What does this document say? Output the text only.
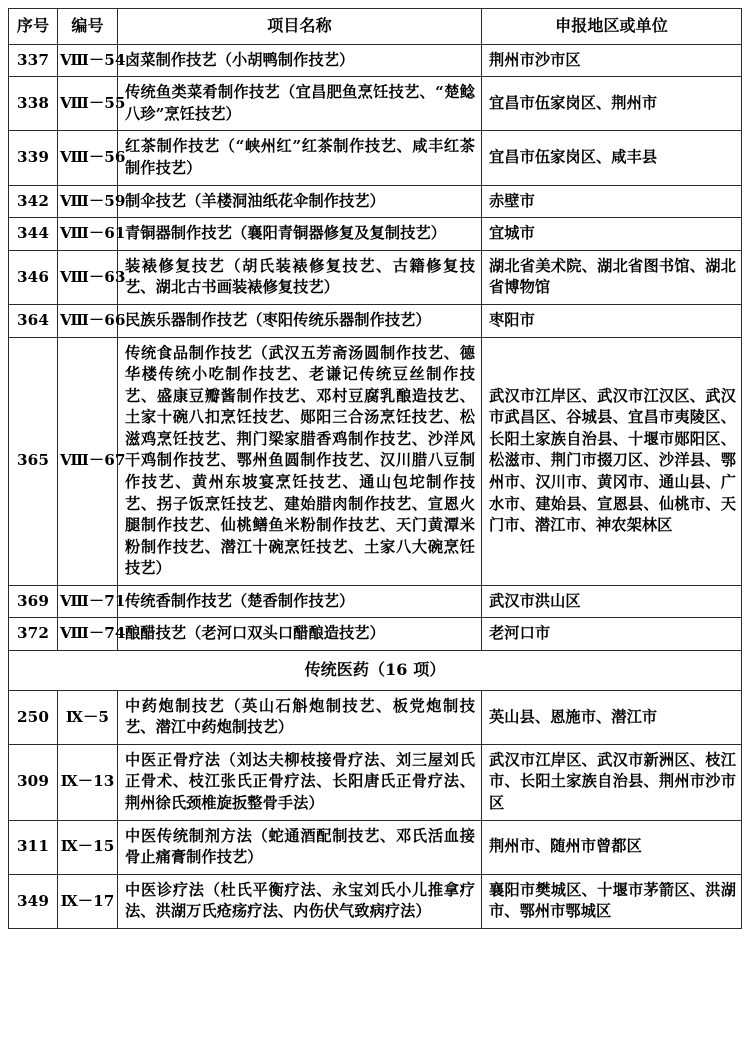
序号	编号	项目名称	申报地区或单位
337	Ⅷ－54	卤菜制作技艺（小胡鸭制作技艺）	荆州市沙市区
338	Ⅷ－55	传统鱼类菜肴制作技艺（宜昌肥鱼烹饪技艺、“楚鲶八珍”烹饪技艺）	宜昌市伍家岗区、荆州市
339	Ⅷ－56	红茶制作技艺（“峡州红”红茶制作技艺、咸丰红茶制作技艺）	宜昌市伍家岗区、咸丰县
342	Ⅷ－59	制伞技艺（羊楼洞油纸花伞制作技艺）	赤壁市
344	Ⅷ－61	青铜器制作技艺（襄阳青铜器修复及复制技艺）	宜城市
346	Ⅷ－63	装裱修复技艺（胡氏装裱修复技艺、古籍修复技艺、湖北古书画装裱修复技艺）	湖北省美术院、湖北省图书馆、湖北省博物馆
364	Ⅷ－66	民族乐器制作技艺（枣阳传统乐器制作技艺）	枣阳市
365	Ⅷ－67	传统食品制作技艺（武汉五芳斋汤圆制作技艺、德华楼传统小吃制作技艺、老谦记传统豆丝制作技艺、盛康豆瓣酱制作技艺、邓村豆腐乳酿造技艺、土家十碗八扣烹饪技艺、郧阳三合汤烹饪技艺、松滋鸡烹饪技艺、荆门梁家腊香鸡制作技艺、沙洋风干鸡制作技艺、鄂州鱼圆制作技艺、汉川腊八豆制作技艺、黄州东坡宴烹饪技艺、通山包坨制作技艺、拐子饭烹饪技艺、建始腊肉制作技艺、宣恩火腿制作技艺、仙桃鳝鱼米粉制作技艺、天门黄潭米粉制作技艺、潜江十碗烹饪技艺、土家八大碗烹饪技艺）	武汉市江岸区、武汉市江汉区、武汉市武昌区、谷城县、宜昌市夷陵区、长阳土家族自治县、十堰市郧阳区、松滋市、荆门市掇刀区、沙洋县、鄂州市、汉川市、黄冈市、通山县、广水市、建始县、宣恩县、仙桃市、天门市、潜江市、神农架林区
369	Ⅷ－71	传统香制作技艺（楚香制作技艺）	武汉市洪山区
372	Ⅷ－74	酿醋技艺（老河口双头口醋酿造技艺）	老河口市
传统医药（16 项）			
250	Ⅸ－5	中药炮制技艺（英山石斛炮制技艺、板党炮制技艺、潜江中药炮制技艺）	英山县、恩施市、潜江市
309	Ⅸ－13	中医正骨疗法（刘达夫柳枝接骨疗法、刘三屋刘氏正骨术、枝江张氏正骨疗法、长阳唐氏正骨疗法、荆州徐氏颈椎旋扳整骨手法）	武汉市江岸区、武汉市新洲区、枝江市、长阳土家族自治县、荆州市沙市区
311	Ⅸ－15	中医传统制剂方法（蛇通酒配制技艺、邓氏活血接骨止痛膏制作技艺）	荆州市、随州市曾都区
349	Ⅸ－17	中医诊疗法（杜氏平衡疗法、永宝刘氏小儿推拿疗法、洪湖万氏疮疡疗法、内伤伏气致病疗法）	襄阳市樊城区、十堰市茅箭区、洪湖市、鄂州市鄂城区
